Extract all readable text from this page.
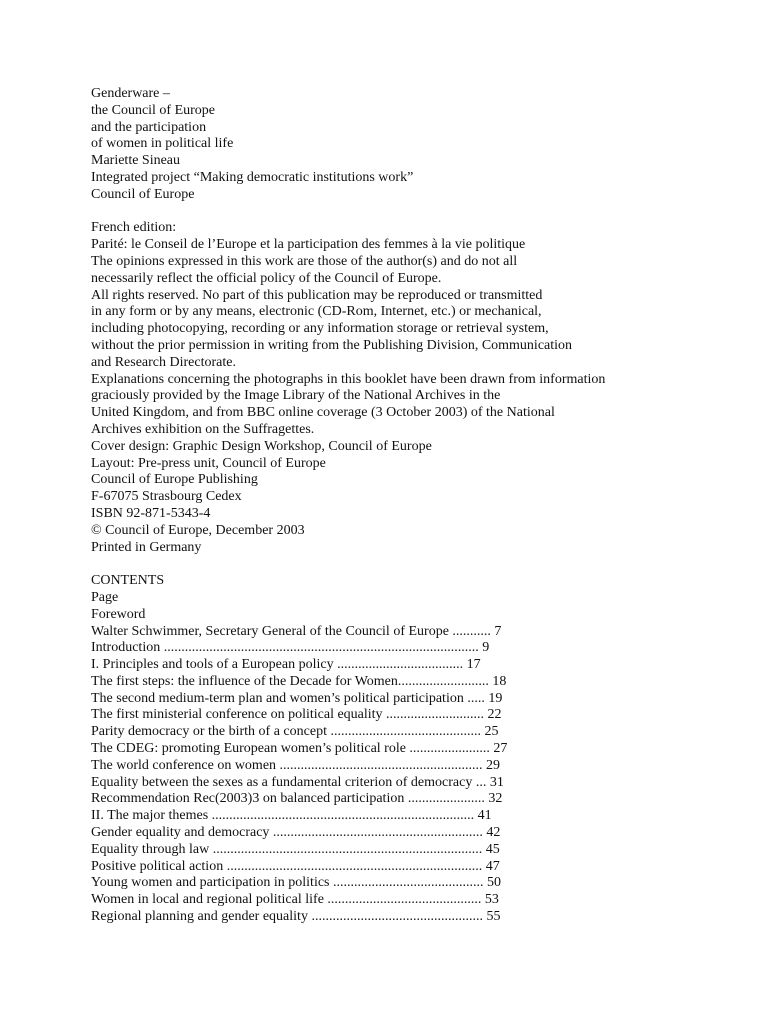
Genderware –
the Council of Europe
and the participation
of women in political life
Mariette Sineau
Integrated project “Making democratic institutions work”
Council of Europe
French edition:
Parité: le Conseil de l’Europe et la participation des femmes à la vie politique
The opinions expressed in this work are those of the author(s) and do not all
necessarily reflect the official policy of the Council of Europe.
All rights reserved. No part of this publication may be reproduced or transmitted
in any form or by any means, electronic (CD-Rom, Internet, etc.) or mechanical,
including photocopying, recording or any information storage or retrieval system,
without the prior permission in writing from the Publishing Division, Communication
and Research Directorate.
Explanations concerning the photographs in this booklet have been drawn from information
graciously provided by the Image Library of the National Archives in the
United Kingdom, and from BBC online coverage (3 October 2003) of the National
Archives exhibition on the Suffragettes.
Cover design: Graphic Design Workshop, Council of Europe
Layout: Pre-press unit, Council of Europe
Council of Europe Publishing
F-67075 Strasbourg Cedex
ISBN 92-871-5343-4
© Council of Europe, December 2003
Printed in Germany
CONTENTS
Page
Foreword
Walter Schwimmer, Secretary General of the Council of Europe ........... 7
Introduction .......................................................................................... 9
I. Principles and tools of a European policy .................................... 17
The first steps: the influence of the Decade for Women.......................... 18
The second medium-term plan and women’s political participation ..... 19
The first ministerial conference on political equality ............................ 22
Parity democracy or the birth of a concept ........................................... 25
The CDEG: promoting European women’s political role ....................... 27
The world conference on women .......................................................... 29
Equality between the sexes as a fundamental criterion of democracy ... 31
Recommendation Rec(2003)3 on balanced participation ...................... 32
II. The major themes ........................................................................... 41
Gender equality and democracy ............................................................ 42
Equality through law ............................................................................. 45
Positive political action ......................................................................... 47
Young women and participation in politics ........................................... 50
Women in local and regional political life ............................................ 53
Regional planning and gender equality ................................................. 55
